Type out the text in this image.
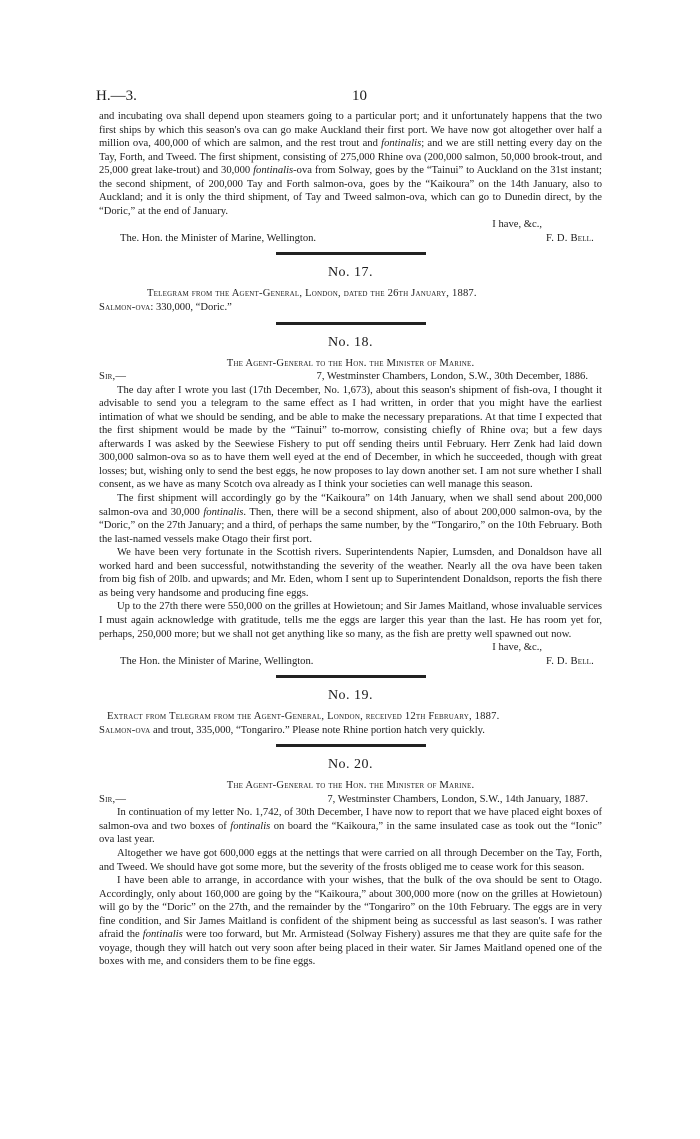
H.—3.	10

and incubating ova shall depend upon steamers going to a particular port; and it unfortunately happens that the two first ships by which this season's ova can go make Auckland their first port. We have now got altogether over half a million ova, 400,000 of which are salmon, and the rest trout and fontinalis; and we are still netting every day on the Tay, Forth, and Tweed. The first shipment, consisting of 275,000 Rhine ova (200,000 salmon, 50,000 brook-trout, and 25,000 great lake-trout) and 30,000 fontinalis-ova from Solway, goes by the “Tainui” to Auckland on the 31st instant; the second shipment, of 200,000 Tay and Forth salmon-ova, goes by the “Kaikoura” on the 14th January, also to Auckland; and it is only the third shipment, of Tay and Tweed salmon-ova, which can go to Dunedin direct, by the “Doric,” at the end of January.

I have, &c.,
The. Hon. the Minister of Marine, Wellington.	F. D. Bell.
No. 17.
Telegram from the Agent-General, London, dated the 26th January, 1887.
Salmon-ova: 330,000, “Doric.”
No. 18.
The Agent-General to the Hon. the Minister of Marine.
Sir,—	7, Westminster Chambers, London, S.W., 30th December, 1886.

The day after I wrote you last (17th December, No. 1,673), about this season's shipment of fish-ova, I thought it advisable to send you a telegram to the same effect as I had written, in order that you might have the earliest intimation of what we should be sending, and be able to make the necessary preparations. At that time I expected that the first shipment would be made by the “Tainui” to-morrow, consisting chiefly of Rhine ova; but a few days afterwards I was asked by the Seewiese Fishery to put off sending theirs until February. Herr Zenk had laid down 300,000 salmon-ova so as to have them well eyed at the end of December, in which he succeeded, though with great losses; but, wishing only to send the best eggs, he now proposes to lay down another set. I am not sure whether I shall consent, as we have as many Scotch ova already as I think your societies can well manage this season.

The first shipment will accordingly go by the “Kaikoura” on 14th January, when we shall send about 200,000 salmon-ova and 30,000 fontinalis. Then, there will be a second shipment, also of about 200,000 salmon-ova, by the “Doric,” on the 27th January; and a third, of perhaps the same number, by the “Tongariro,” on the 10th February. Both the last-named vessels make Otago their first port.

We have been very fortunate in the Scottish rivers. Superintendents Napier, Lumsden, and Donaldson have all worked hard and been successful, notwithstanding the severity of the weather. Nearly all the ova have been taken from big fish of 20lb. and upwards; and Mr. Eden, whom I sent up to Superintendent Donaldson, reports the fish there as being very handsome and producing fine eggs.

Up to the 27th there were 550,000 on the grilles at Howietoun; and Sir James Maitland, whose invaluable services I must again acknowledge with gratitude, tells me the eggs are larger this year than the last. He has room yet for, perhaps, 250,000 more; but we shall not get anything like so many, as the fish are pretty well spawned out now.

I have, &c.,
The Hon. the Minister of Marine, Wellington.	F. D. Bell.
No. 19.
Extract from Telegram from the Agent-General, London, received 12th February, 1887.
Salmon-ova and trout, 335,000, “Tongariro.” Please note Rhine portion hatch very quickly.
No. 20.
The Agent-General to the Hon. the Minister of Marine.
Sir,—	7, Westminster Chambers, London, S.W., 14th January, 1887.

In continuation of my letter No. 1,742, of 30th December, I have now to report that we have placed eight boxes of salmon-ova and two boxes of fontinalis on board the “Kaikoura,” in the same insulated case as took out the “Ionic” ova last year.

Altogether we have got 600,000 eggs at the nettings that were carried on all through December on the Tay, Forth, and Tweed. We should have got some more, but the severity of the frosts obliged me to cease work for this season.

I have been able to arrange, in accordance with your wishes, that the bulk of the ova should be sent to Otago. Accordingly, only about 160,000 are going by the “Kaikoura,” about 300,000 more (now on the grilles at Howietoun) will go by the “Doric” on the 27th, and the remainder by the “Tongariro” on the 10th February. The eggs are in very fine condition, and Sir James Maitland is confident of the shipment being as successful as last season's. I was rather afraid the fontinalis were too forward, but Mr. Armistead (Solway Fishery) assures me that they are quite safe for the voyage, though they will hatch out very soon after being placed in their water. Sir James Maitland opened one of the boxes with me, and considers them to be fine eggs.
